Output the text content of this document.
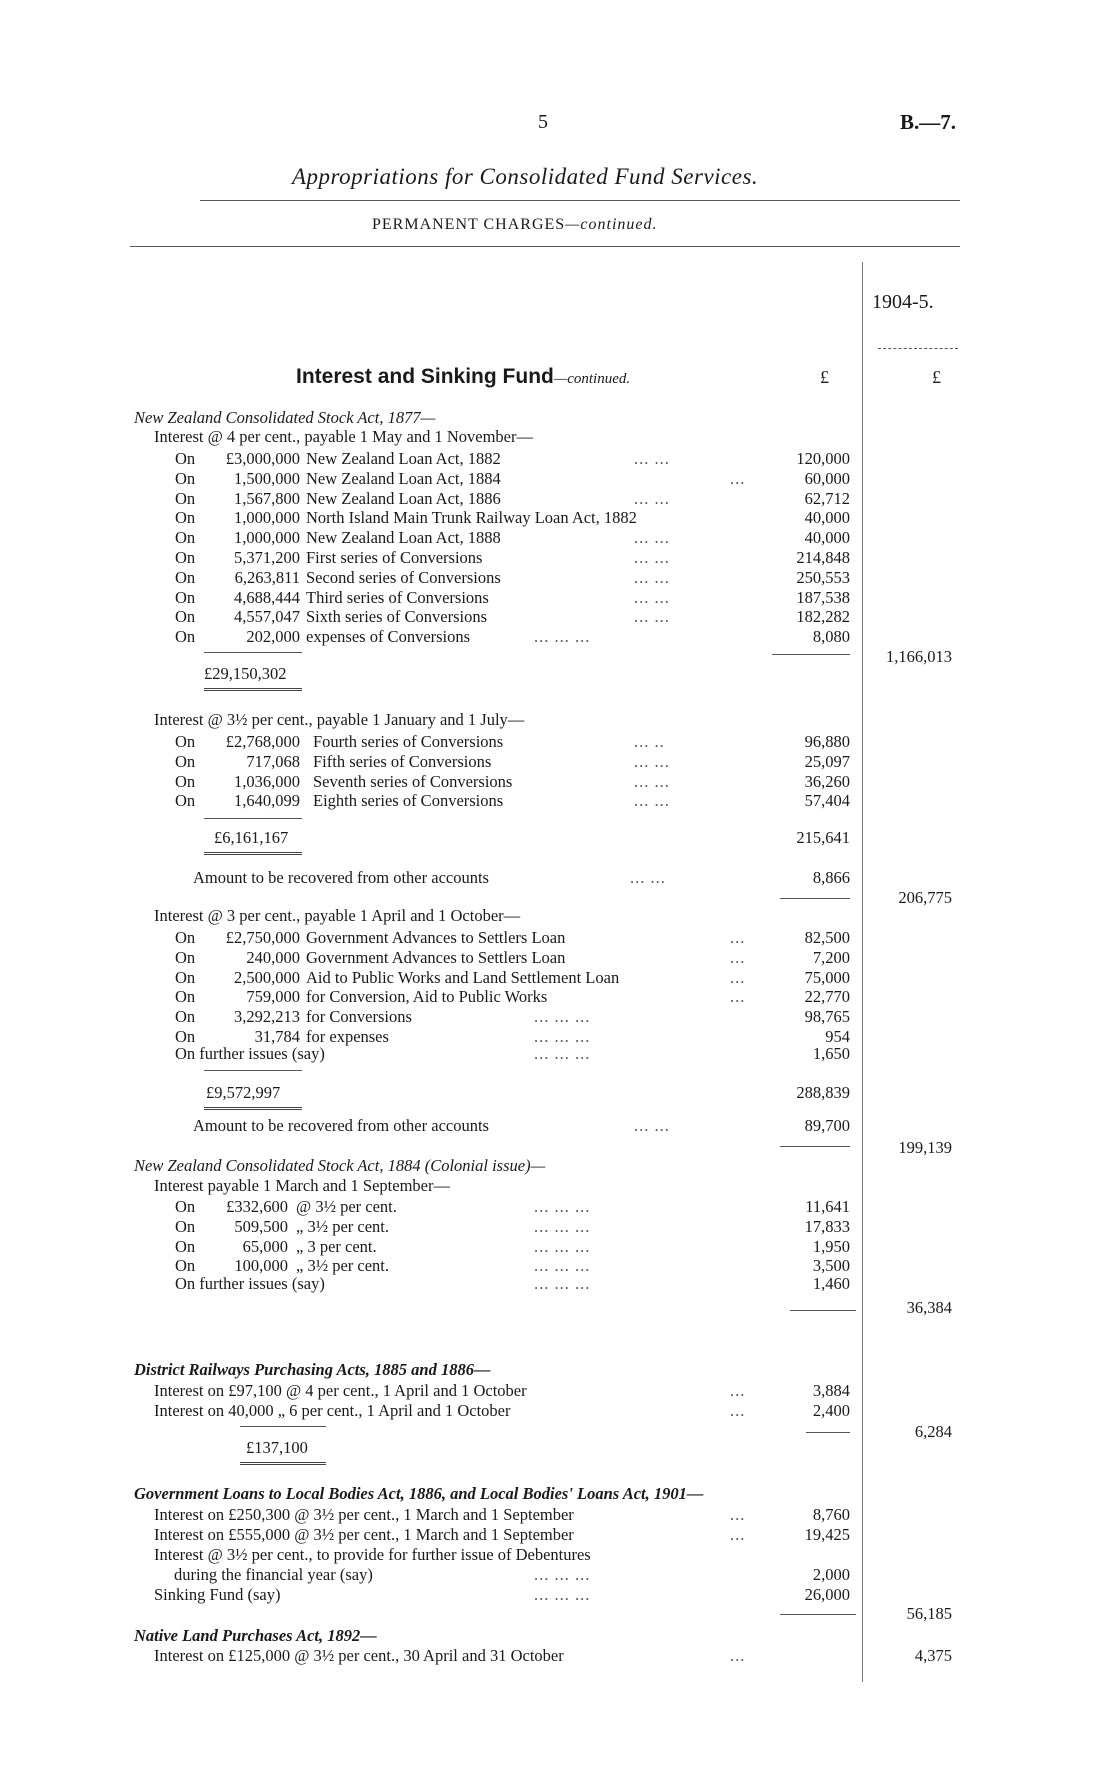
5	B.—7.
Appropriations for Consolidated Fund Services.
PERMANENT CHARGES—continued.
1904-5.
Interest and Sinking Fund—continued.	£	£
New Zealand Consolidated Stock Act, 1877—
Interest @ 4 per cent., payable 1 May and 1 November—
On	£3,000,000 New Zealand Loan Act, 1882	... ...	120,000
On	1,500,000 New Zealand Loan Act, 1884	...	60,000
On	1,567,800 New Zealand Loan Act, 1886	... ...	62,712
On	1,000,000 North Island Main Trunk Railway Loan Act, 1882	40,000
On	1,000,000 New Zealand Loan Act, 1888	... ...	40,000
On	5,371,200 First series of Conversions	... ...	214,848
On	6,263,811 Second series of Conversions	... ...	250,553
On	4,688,444 Third series of Conversions	... ...	187,538
On	4,557,047 Sixth series of Conversions	... ...	182,282
On	202,000 expenses of Conversions	... ... ...	8,080
£29,150,302
1,166,013
Interest @ 3½ per cent., payable 1 January and 1 July—
On	£2,768,000 Fourth series of Conversions	... ..	96,880
On	717,068 Fifth series of Conversions	... ...	25,097
On	1,036,000 Seventh series of Conversions	... ...	36,260
On	1,640,099 Eighth series of Conversions	... ...	57,404
£6,161,167	215,641
Amount to be recovered from other accounts	... ...	8,866
206,775
Interest @ 3 per cent., payable 1 April and 1 October—
On	£2,750,000 Government Advances to Settlers Loan	...	82,500
On	240,000 Government Advances to Settlers Loan	...	7,200
On	2,500,000 Aid to Public Works and Land Settlement Loan	...	75,000
On	759,000 for Conversion, Aid to Public Works	...	22,770
On	3,292,213 for Conversions	... ... ...	98,765
On	31,784 for expenses	... ... ...	954
On further issues (say)	... ... ...	1,650
£9,572,997	288,839
Amount to be recovered from other accounts	... ...	89,700
199,139
New Zealand Consolidated Stock Act, 1884 (Colonial issue)—
Interest payable 1 March and 1 September—
On	£332,600 @ 3½ per cent.	... ... ...	11,641
On	509,500 „ 3½ per cent.	... ... ...	17,833
On	65,000 „ 3 per cent.	... ... ...	1,950
On	100,000 „ 3½ per cent.	... ... ...	3,500
On further issues (say)	... ... ...	1,460
36,384
District Railways Purchasing Acts, 1885 and 1886—
Interest on £97,100 @ 4 per cent., 1 April and 1 October	...	3,884
Interest on 40,000 „ 6 per cent., 1 April and 1 October	...	2,400
£137,100
6,284
Government Loans to Local Bodies Act, 1886, and Local Bodies' Loans Act, 1901—
Interest on £250,300 @ 3½ per cent., 1 March and 1 September	...	8,760
Interest on £555,000 @ 3½ per cent., 1 March and 1 September	...	19,425
Interest @ 3½ per cent., to provide for further issue of Debentures
during the financial year (say)	... ... ...	2,000
Sinking Fund (say)	... ... ...	26,000
56,185
Native Land Purchases Act, 1892—
Interest on £125,000 @ 3½ per cent., 30 April and 31 October	...	4,375
